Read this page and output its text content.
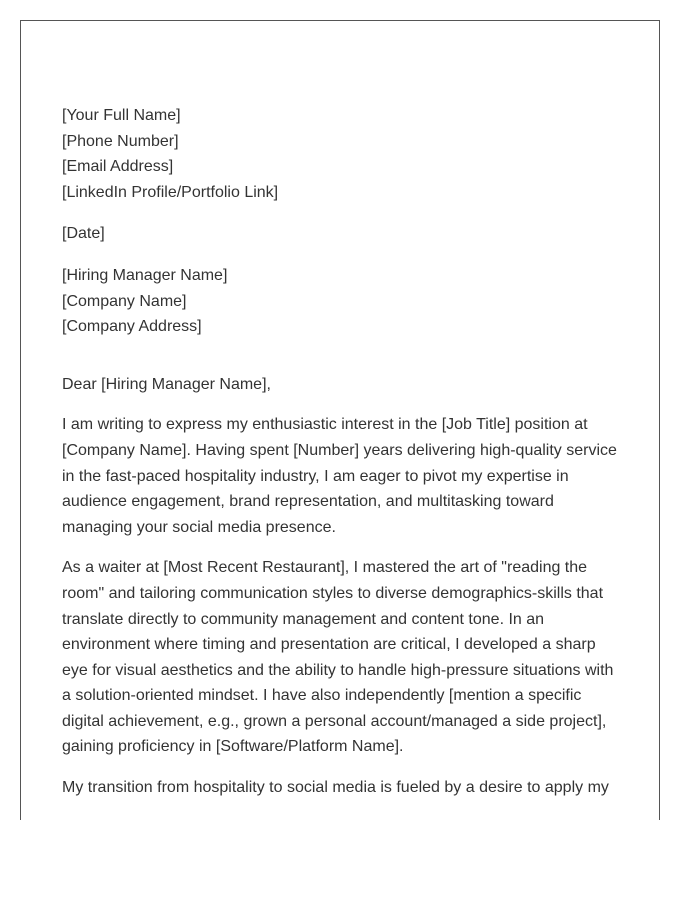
[Your Full Name]
[Phone Number]
[Email Address]
[LinkedIn Profile/Portfolio Link]
[Date]
[Hiring Manager Name]
[Company Name]
[Company Address]
Dear [Hiring Manager Name],

I am writing to express my enthusiastic interest in the [Job Title] position at
[Company Name]. Having spent [Number] years delivering high-quality service
in the fast-paced hospitality industry, I am eager to pivot my expertise in
audience engagement, brand representation, and multitasking toward
managing your social media presence.

As a waiter at [Most Recent Restaurant], I mastered the art of "reading the
room" and tailoring communication styles to diverse demographics-skills that
translate directly to community management and content tone. In an
environment where timing and presentation are critical, I developed a sharp
eye for visual aesthetics and the ability to handle high-pressure situations with
a solution-oriented mindset. I have also independently [mention a specific
digital achievement, e.g., grown a personal account/managed a side project],
gaining proficiency in [Software/Platform Name].

My transition from hospitality to social media is fueled by a desire to apply my
